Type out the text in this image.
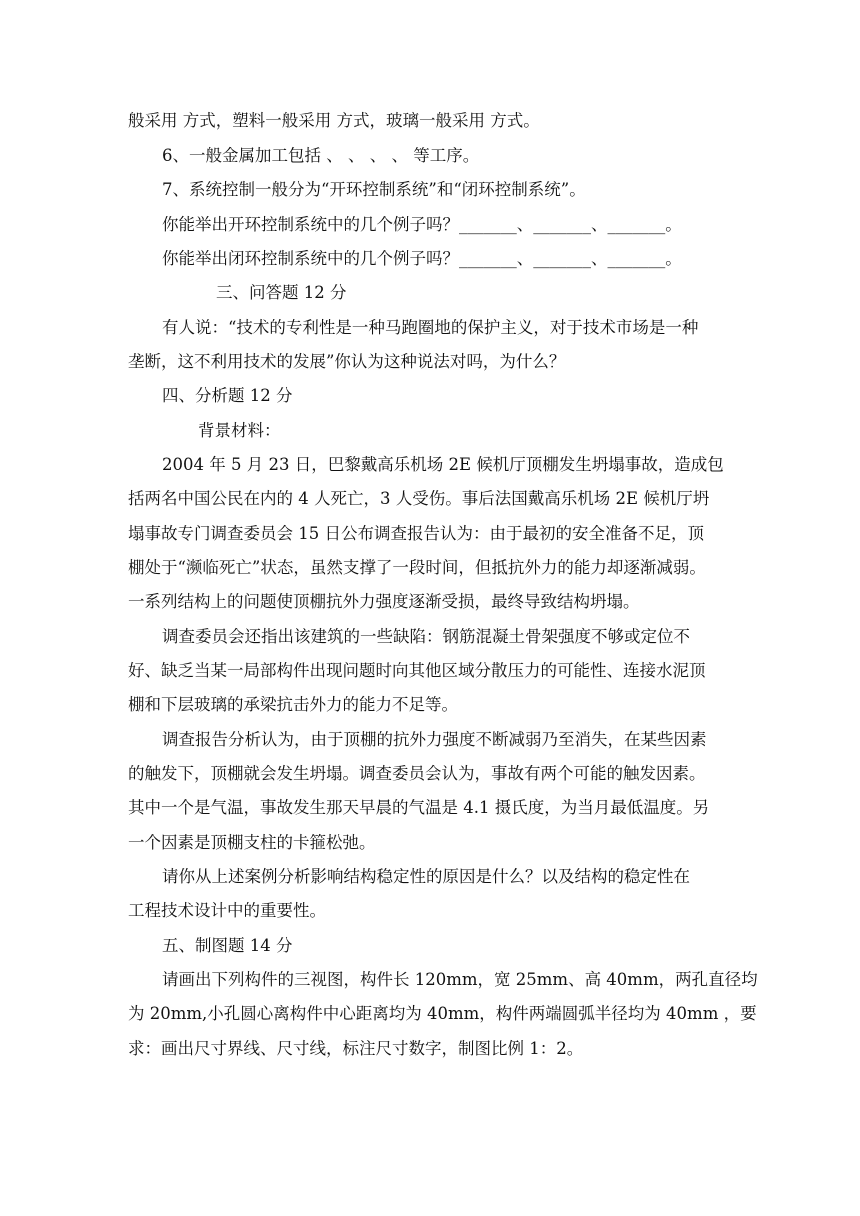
般采用 方式，塑料一般采用 方式，玻璃一般采用 方式。
6、一般金属加工包括 、 、 、 、 等工序。
7、系统控制一般分为“开环控制系统”和“闭环控制系统”。
你能举出开环控制系统中的几个例子吗？_______、_______、_______。
你能举出闭环控制系统中的几个例子吗？_______、_______、_______。
三、问答题 12 分
有人说：“技术的专利性是一种马跑圈地的保护主义，对于技术市场是一种
垄断，这不利用技术的发展”你认为这种说法对吗，为什么？
四、分析题 12 分
背景材料：
2004 年 5 月 23 日，巴黎戴高乐机场 2E 候机厅顶棚发生坍塌事故，造成包
括两名中国公民在内的 4 人死亡，3 人受伤。事后法国戴高乐机场 2E 候机厅坍
塌事故专门调查委员会 15 日公布调查报告认为：由于最初的安全准备不足，顶
棚处于“濒临死亡”状态，虽然支撑了一段时间，但抵抗外力的能力却逐渐减弱。
一系列结构上的问题使顶棚抗外力强度逐渐受损，最终导致结构坍塌。
调查委员会还指出该建筑的一些缺陷：钢筋混凝土骨架强度不够或定位不
好、缺乏当某一局部构件出现问题时向其他区域分散压力的可能性、连接水泥顶
棚和下层玻璃的承梁抗击外力的能力不足等。
调查报告分析认为，由于顶棚的抗外力强度不断减弱乃至消失，在某些因素
的触发下，顶棚就会发生坍塌。调查委员会认为，事故有两个可能的触发因素。
其中一个是气温，事故发生那天早晨的气温是 4.1 摄氏度，为当月最低温度。另
一个因素是顶棚支柱的卡箍松弛。
请你从上述案例分析影响结构稳定性的原因是什么？以及结构的稳定性在
工程技术设计中的重要性。
五、制图题 14 分
请画出下列构件的三视图，构件长 120mm，宽 25mm、高 40mm，两孔直径均
为 20mm,小孔圆心离构件中心距离均为 40mm，构件两端圆弧半径均为 40mm ，要
求：画出尺寸界线、尺寸线，标注尺寸数字，制图比例 1：2。
